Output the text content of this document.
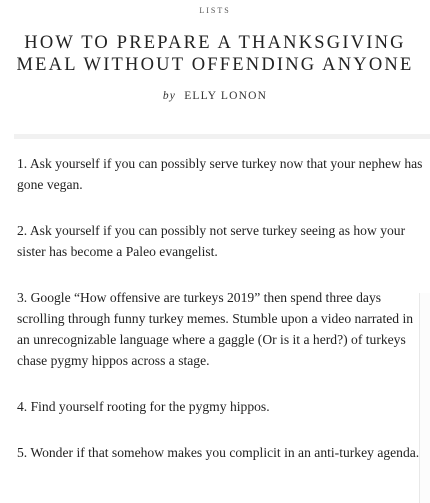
LISTS
HOW TO PREPARE A THANKSGIVING MEAL WITHOUT OFFENDING ANYONE
by ELLY LONON

1. Ask yourself if you can possibly serve turkey now that your nephew has gone vegan.

2. Ask yourself if you can possibly not serve turkey seeing as how your sister has become a Paleo evangelist.

3. Google “How offensive are turkeys 2019” then spend three days scrolling through funny turkey memes. Stumble upon a video narrated in an unrecognizable language where a gaggle (Or is it a herd?) of turkeys chase pygmy hippos across a stage.

4. Find yourself rooting for the pygmy hippos.

5. Wonder if that somehow makes you complicit in an anti-turkey agenda.
